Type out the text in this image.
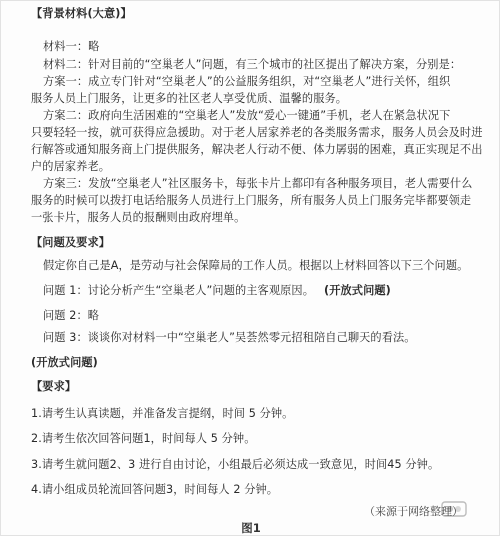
【背景材料(大意)】
材料一：略
材料二：针对目前的“空巢老人”问题，有三个城市的社区提出了解决方案，分别是：
方案一：成立专门针对“空巢老人”的公益服务组织，对“空巢老人”进行关怀，组织
服务人员上门服务，让更多的社区老人享受优质、温馨的服务。
方案二：政府向生活困难的“空巢老人”发放“爱心一键通”手机，老人在紧急状况下
只要轻轻一按，就可获得应急援助。对于老人居家养老的各类服务需求，服务人员会及时进
行解答或通知服务商上门提供服务，解决老人行动不便、体力孱弱的困难，真正实现足不出
户的居家养老。
方案三：发放“空巢老人”社区服务卡，每张卡片上都印有各种服务项目，老人需要什么
服务的时候可以拨打电话给服务人员进行上门服务，所有服务人员上门服务完毕都要领走
一张卡片，服务人员的报酬则由政府埋单。
【问题及要求】
假定你自己是A，是劳动与社会保障局的工作人员。根据以上材料回答以下三个问题。
问题 1：讨论分析产生“空巢老人”问题的主客观原因。 (开放式问题)
问题 2：略
问题 3：谈谈你对材料一中“空巢老人”吴荟然零元招租陪自己聊天的看法。
(开放式问题)
【要求】
1.请考生认真读题，并准备发言提纲，时间 5 分钟。
2.请考生依次回答问题1，时间每人 5 分钟。
3.请考生就问题2、3 进行自由讨论，小组最后必须达成一致意见，时间45 分钟。
4.请小组成员轮流回答问题3，时间每人 2 分钟。
（来源于网络整理）
图1
